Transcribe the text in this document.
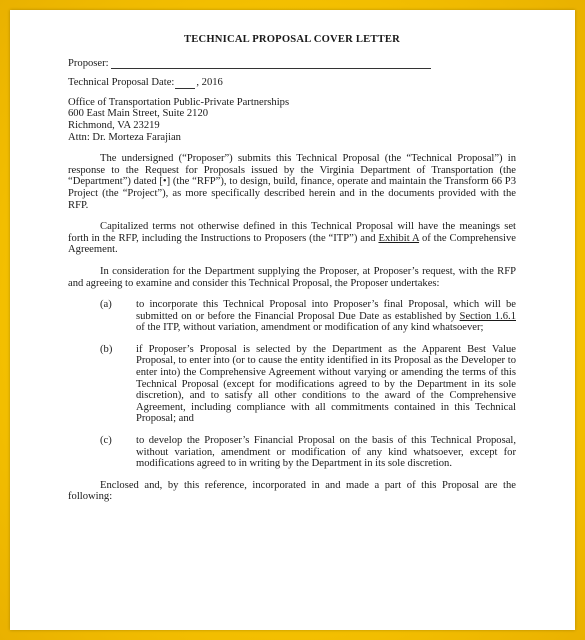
TECHNICAL PROPOSAL COVER LETTER
Proposer:
Technical Proposal Date: , 2016
Office of Transportation Public-Private Partnerships
600 East Main Street, Suite 2120
Richmond, VA 23219
Attn: Dr. Morteza Farajian

The undersigned (“Proposer”) submits this Technical Proposal (the “Technical Proposal”) in response to the Request for Proposals issued by the Virginia Department of Transportation (the “Department”) dated [•] (the “RFP”), to design, build, finance, operate and maintain the Transform 66 P3 Project (the “Project”), as more specifically described herein and in the documents provided with the RFP.

Capitalized terms not otherwise defined in this Technical Proposal will have the meanings set forth in the RFP, including the Instructions to Proposers (the “ITP”) and Exhibit A of the Comprehensive Agreement.

In consideration for the Department supplying the Proposer, at Proposer’s request, with the RFP and agreeing to examine and consider this Technical Proposal, the Proposer undertakes:

(a)	to incorporate this Technical Proposal into Proposer’s final Proposal, which will be submitted on or before the Financial Proposal Due Date as established by Section 1.6.1 of the ITP, without variation, amendment or modification of any kind whatsoever;
(b)	if Proposer’s Proposal is selected by the Department as the Apparent Best Value Proposal, to enter into (or to cause the entity identified in its Proposal as the Developer to enter into) the Comprehensive Agreement without varying or amending the terms of this Technical Proposal (except for modifications agreed to by the Department in its sole discretion), and to satisfy all other conditions to the award of the Comprehensive Agreement, including compliance with all commitments contained in this Technical Proposal; and
(c)	to develop the Proposer’s Financial Proposal on the basis of this Technical Proposal, without variation, amendment or modification of any kind whatsoever, except for modifications agreed to in writing by the Department in its sole discretion.

Enclosed and, by this reference, incorporated in and made a part of this Proposal are the following:
